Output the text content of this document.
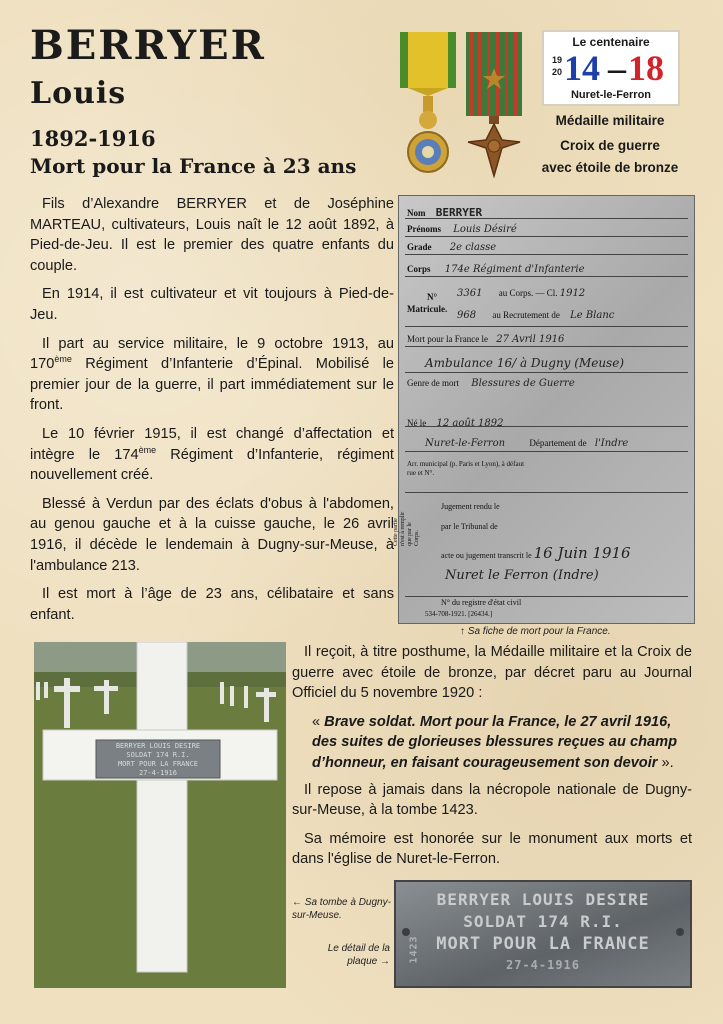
BERRYER
Louis
1892-1916
Mort pour la France à 23 ans
Le centenaire
19
20 14 – 18
Nuret-le-Ferron
Médaille militaire
Croix de guerre
avec étoile de bronze

Fils d’Alexandre BERRYER et de Joséphine MARTEAU, cultivateurs, Louis naît le 12 août 1892, à Pied-de-Jeu. Il est le premier des quatre enfants du couple.

En 1914, il est cultivateur et vit toujours à Pied-de-Jeu.

Il part au service militaire, le 9 octobre 1913, au 170ème Régiment d’Infanterie d’Épinal. Mobilisé le premier jour de la guerre, il part immédiatement sur le front.

Le 10 février 1915, il est changé d’affectation et intègre le 174ème Régiment d’Infanterie, régiment nouvellement créé.

Blessé à Verdun par des éclats d'obus à l'abdomen, au genou gauche et à la cuisse gauche, le 26 avril 1916, il décède le lendemain à Dugny-sur-Meuse, à l'ambulance 213.

Il est mort à l’âge de 23 ans, célibataire et sans enfant.

Nom BERRYER
Prénoms Louis Désiré
Grade 2e classe
Corps 174e Régiment d'Infanterie
N°
Matricule.
3361 au Corps. — Cl. 1912
968 au Recrutement de Le Blanc
Mort pour la France le 27 Avril 1916
Ambulance 16/ à Dugny (Meuse)
Genre de mort Blessures de Guerre
Né le 12 août 1892
Nuret-le-Ferron	Département de l'Indre
Arr. municipal (p. Paris et Lyon), à défaut rue et N°.
Jugement rendu le
par le Tribunal de
acte ou jugement transcrit le 16 Juin 1916
Nuret le Ferron (Indre)
N° du registre d'état civil
Cette partie n'est à remplir que par le Corps.
534-708-1921. [26434.]
↑ Sa fiche de mort pour la France.
BERRYER LOUIS DESIRE
SOLDAT 174 R.I.
MORT POUR LA FRANCE
27-4-1916

Il reçoit, à titre posthume, la Médaille militaire et la Croix de guerre avec étoile de bronze, par décret paru au Journal Officiel du 5 novembre 1920 :

« Brave soldat. Mort pour la France, le 27 avril 1916, des suites de glorieuses blessures reçues au champ d’honneur, en faisant courageusement son devoir ».

Il repose à jamais dans la nécropole nationale de Dugny-sur-Meuse, à la tombe 1423.

Sa mémoire est honorée sur le monument aux morts et dans l'église de Nuret-le-Ferron.

← Sa tombe à Dugny-sur-Meuse.
Le détail de la plaque →
BERRYER LOUIS DESIRE
SOLDAT 174 R.I.
MORT POUR LA FRANCE
27-4-1916
1423
